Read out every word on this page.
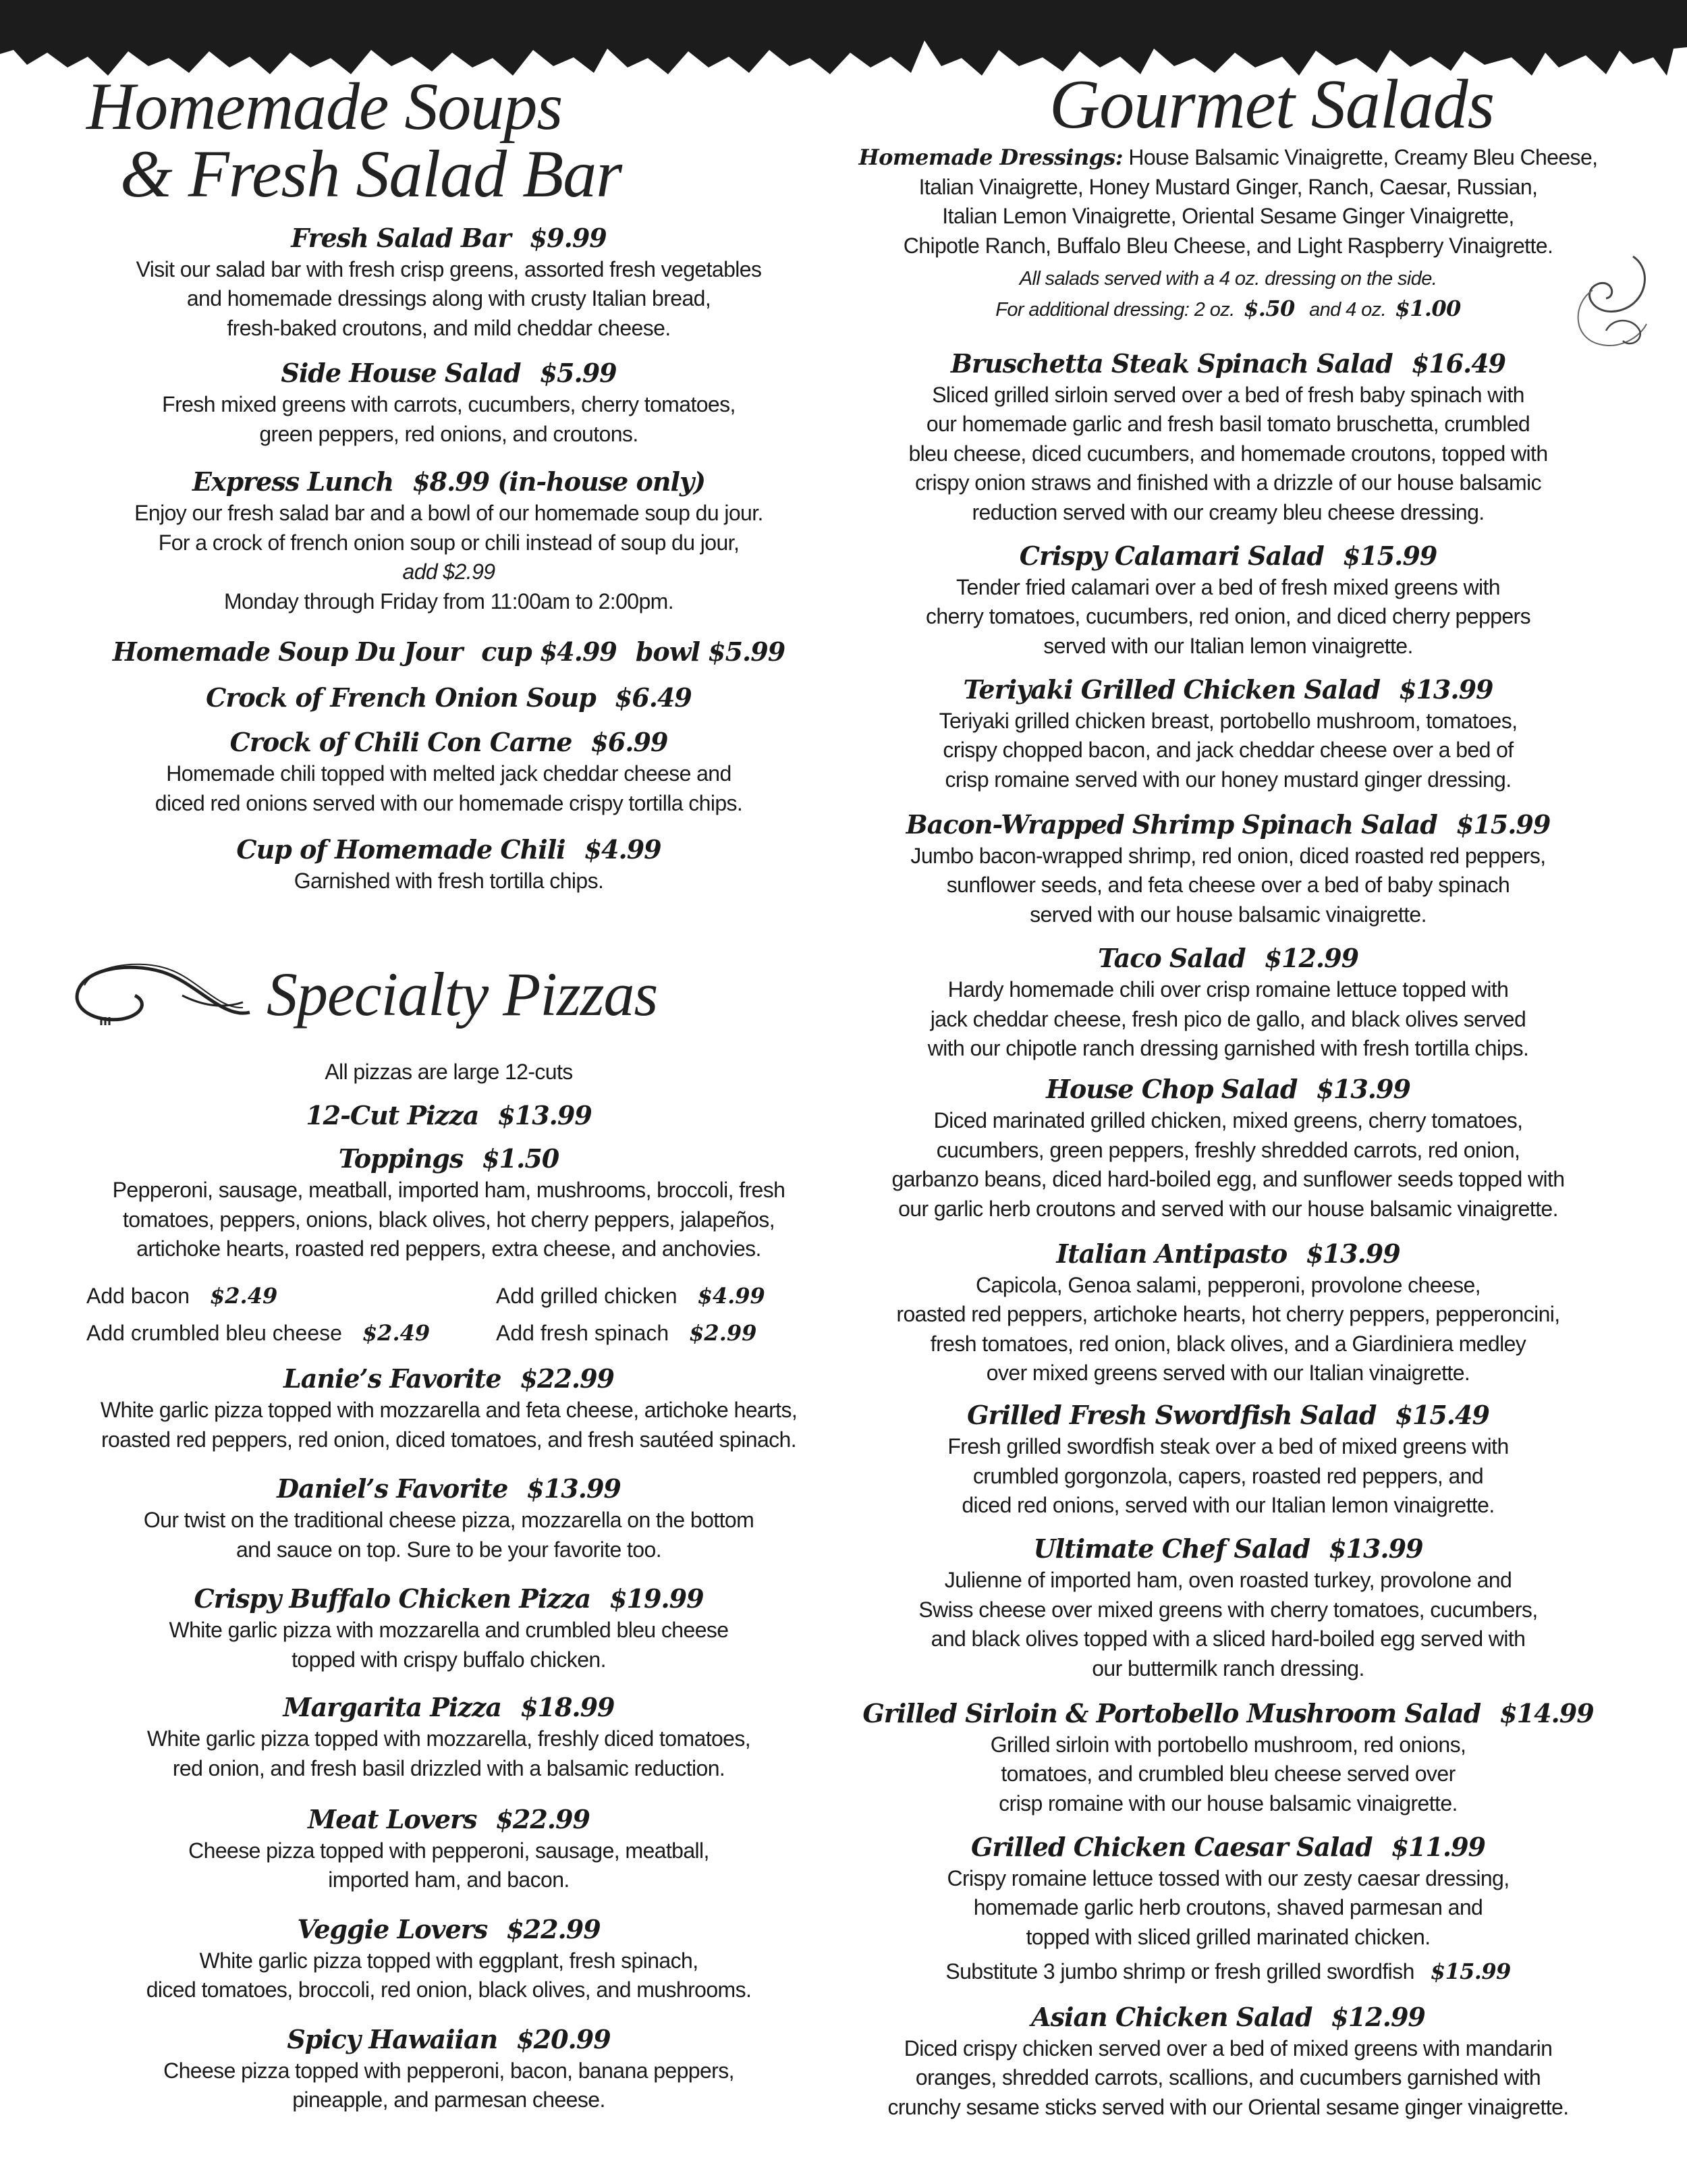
Homemade Soups
& Fresh Salad Bar
Gourmet Salads
Specialty Pizzas
Fresh Salad Bar $9.99
Visit our salad bar with fresh crisp greens, assorted fresh vegetables
and homemade dressings along with crusty Italian bread,
fresh-baked croutons, and mild cheddar cheese.
Side House Salad $5.99
Fresh mixed greens with carrots, cucumbers, cherry tomatoes,
green peppers, red onions, and croutons.
Express Lunch $8.99 (in-house only)
Enjoy our fresh salad bar and a bowl of our homemade soup du jour.
For a crock of french onion soup or chili instead of soup du jour,
add $2.99
Monday through Friday from 11:00am to 2:00pm.
Homemade Soup Du Jour cup $4.99 bowl $5.99
Crock of French Onion Soup $6.49
Crock of Chili Con Carne $6.99
Homemade chili topped with melted jack cheddar cheese and
diced red onions served with our homemade crispy tortilla chips.
Cup of Homemade Chili $4.99
Garnished with fresh tortilla chips.
All pizzas are large 12-cuts
12-Cut Pizza $13.99
Toppings $1.50
Pepperoni, sausage, meatball, imported ham, mushrooms, broccoli, fresh
tomatoes, peppers, onions, black olives, hot cherry peppers, jalapeños,
artichoke hearts, roasted red peppers, extra cheese, and anchovies.
Add bacon $2.49	Add grilled chicken $4.99
Add crumbled bleu cheese $2.49	Add fresh spinach $2.99
Lanie’s Favorite $22.99
White garlic pizza topped with mozzarella and feta cheese, artichoke hearts,
roasted red peppers, red onion, diced tomatoes, and fresh sautéed spinach.
Daniel’s Favorite $13.99
Our twist on the traditional cheese pizza, mozzarella on the bottom
and sauce on top. Sure to be your favorite too.
Crispy Buffalo Chicken Pizza $19.99
White garlic pizza with mozzarella and crumbled bleu cheese
topped with crispy buffalo chicken.
Margarita Pizza $18.99
White garlic pizza topped with mozzarella, freshly diced tomatoes,
red onion, and fresh basil drizzled with a balsamic reduction.
Meat Lovers $22.99
Cheese pizza topped with pepperoni, sausage, meatball,
imported ham, and bacon.
Veggie Lovers $22.99
White garlic pizza topped with eggplant, fresh spinach,
diced tomatoes, broccoli, red onion, black olives, and mushrooms.
Spicy Hawaiian $20.99
Cheese pizza topped with pepperoni, bacon, banana peppers,
pineapple, and parmesan cheese.
Homemade Dressings: House Balsamic Vinaigrette, Creamy Bleu Cheese,
Italian Vinaigrette, Honey Mustard Ginger, Ranch, Caesar, Russian,
Italian Lemon Vinaigrette, Oriental Sesame Ginger Vinaigrette,
Chipotle Ranch, Buffalo Bleu Cheese, and Light Raspberry Vinaigrette.
All salads served with a 4 oz. dressing on the side.
For additional dressing: 2 oz. $.50 and 4 oz. $1.00
Bruschetta Steak Spinach Salad $16.49
Sliced grilled sirloin served over a bed of fresh baby spinach with
our homemade garlic and fresh basil tomato bruschetta, crumbled
bleu cheese, diced cucumbers, and homemade croutons, topped with
crispy onion straws and finished with a drizzle of our house balsamic
reduction served with our creamy bleu cheese dressing.
Crispy Calamari Salad $15.99
Tender fried calamari over a bed of fresh mixed greens with
cherry tomatoes, cucumbers, red onion, and diced cherry peppers
served with our Italian lemon vinaigrette.
Teriyaki Grilled Chicken Salad $13.99
Teriyaki grilled chicken breast, portobello mushroom, tomatoes,
crispy chopped bacon, and jack cheddar cheese over a bed of
crisp romaine served with our honey mustard ginger dressing.
Bacon-Wrapped Shrimp Spinach Salad $15.99
Jumbo bacon-wrapped shrimp, red onion, diced roasted red peppers,
sunflower seeds, and feta cheese over a bed of baby spinach
served with our house balsamic vinaigrette.
Taco Salad $12.99
Hardy homemade chili over crisp romaine lettuce topped with
jack cheddar cheese, fresh pico de gallo, and black olives served
with our chipotle ranch dressing garnished with fresh tortilla chips.
House Chop Salad $13.99
Diced marinated grilled chicken, mixed greens, cherry tomatoes,
cucumbers, green peppers, freshly shredded carrots, red onion,
garbanzo beans, diced hard-boiled egg, and sunflower seeds topped with
our garlic herb croutons and served with our house balsamic vinaigrette.
Italian Antipasto $13.99
Capicola, Genoa salami, pepperoni, provolone cheese,
roasted red peppers, artichoke hearts, hot cherry peppers, pepperoncini,
fresh tomatoes, red onion, black olives, and a Giardiniera medley
over mixed greens served with our Italian vinaigrette.
Grilled Fresh Swordfish Salad $15.49
Fresh grilled swordfish steak over a bed of mixed greens with
crumbled gorgonzola, capers, roasted red peppers, and
diced red onions, served with our Italian lemon vinaigrette.
Ultimate Chef Salad $13.99
Julienne of imported ham, oven roasted turkey, provolone and
Swiss cheese over mixed greens with cherry tomatoes, cucumbers,
and black olives topped with a sliced hard-boiled egg served with
our buttermilk ranch dressing.
Grilled Sirloin & Portobello Mushroom Salad $14.99
Grilled sirloin with portobello mushroom, red onions,
tomatoes, and crumbled bleu cheese served over
crisp romaine with our house balsamic vinaigrette.
Grilled Chicken Caesar Salad $11.99
Crispy romaine lettuce tossed with our zesty caesar dressing,
homemade garlic herb croutons, shaved parmesan and
topped with sliced grilled marinated chicken.
Substitute 3 jumbo shrimp or fresh grilled swordfish $15.99
Asian Chicken Salad $12.99
Diced crispy chicken served over a bed of mixed greens with mandarin
oranges, shredded carrots, scallions, and cucumbers garnished with
crunchy sesame sticks served with our Oriental sesame ginger vinaigrette.
